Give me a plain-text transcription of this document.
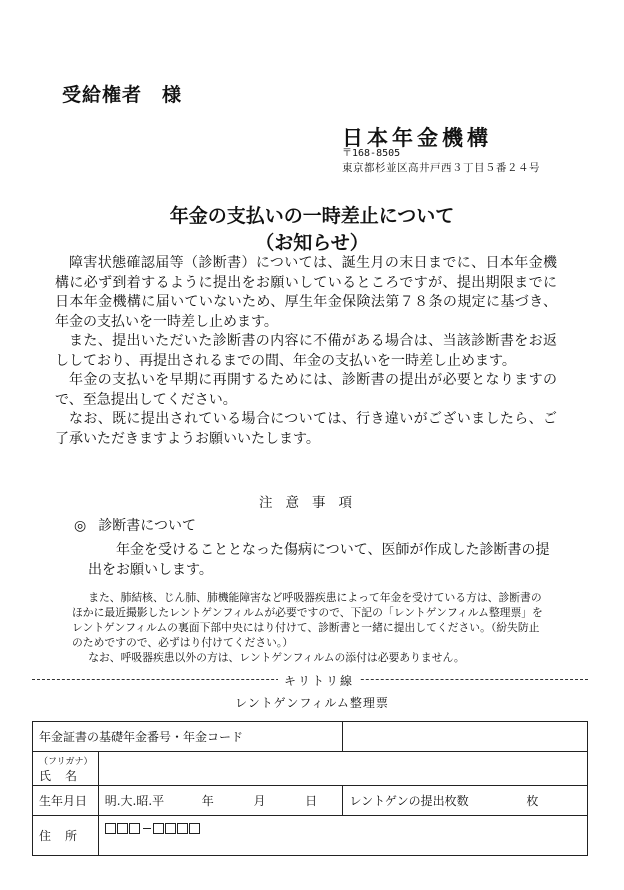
受給権者　様
日本年金機構
〒168-8505
東京都杉並区高井戸西３丁目５番２４号
年金の支払いの一時差止について
（お知らせ）

障害状態確認届等（診断書）については、誕生月の末日までに、日本年金機構に必ず到着するように提出をお願いしているところですが、提出期限までに日本年金機構に届いていないため、厚生年金保険法第７８条の規定に基づき、年金の支払いを一時差し止めます。

また、提出いただいた診断書の内容に不備がある場合は、当該診断書をお返ししており、再提出されるまでの間、年金の支払いを一時差し止めます。

年金の支払いを早期に再開するためには、診断書の提出が必要となりますので、至急提出してください。

なお、既に提出されている場合については、行き違いがございましたら、ご了承いただきますようお願いいたします。

注意事項
◎ 診断書について
年金を受けることとなった傷病について、医師が作成した診断書の提出をお願いします。

また、肺結核、じん肺、肺機能障害など呼吸器疾患によって年金を受けている方は、診断書のほかに最近撮影したレントゲンフィルムが必要ですので、下記の「レントゲンフィルム整理票」をレントゲンフィルムの裏面下部中央にはり付けて、診断書と一緒に提出してください。（紛失防止のためですので、必ずはり付けてください。）

なお、呼吸器疾患以外の方は、レントゲンフィルムの添付は必要ありません。

キリトリ線
レントゲンフィルム整理票
年金証書の基礎年金番号・年金コード		

（フリガナ）
氏名		
生年月日	明.大.昭.平 年 月 日	レントゲンの提出枚数 枚
住所		
